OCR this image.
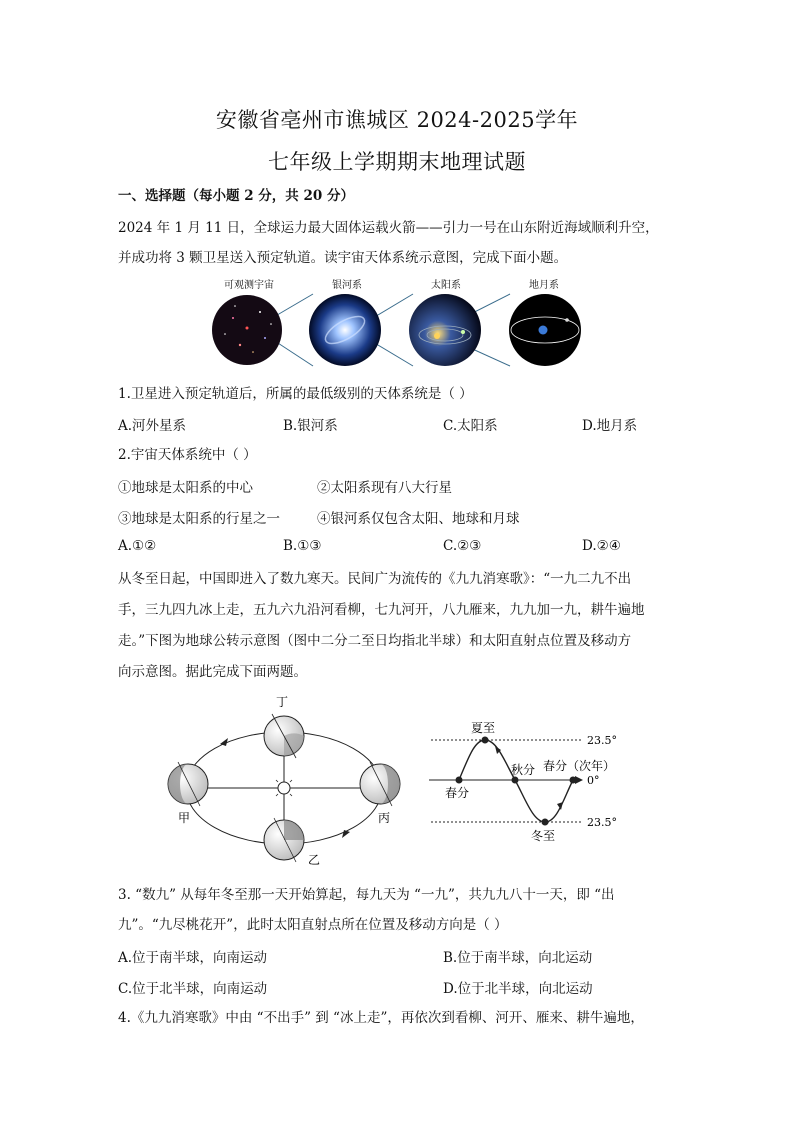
安徽省亳州市谯城区 2024-2025学年
七年级上学期期末地理试题
一、选择题（每小题 2 分，共 20 分）
2024 年 1 月 11 日，全球运力最大固体运载火箭——引力一号在山东附近海域顺利升空，
并成功将 3 颗卫星送入预定轨道。读宇宙天体系统示意图，完成下面小题。
可观测宇宙	银河系	太阳系	地月系
1.卫星进入预定轨道后，所属的最低级别的天体系统是（ ）
A.河外星系	B.银河系	C.太阳系	D.地月系
2.宇宙天体系统中（ ）
①地球是太阳系的中心	②太阳系现有八大行星
③地球是太阳系的行星之一	④银河系仅包含太阳、地球和月球
A.①②	B.①③	C.②③	D.②④
从冬至日起，中国即进入了数九寒天。民间广为流传的《九九消寒歌》：“一九二九不出
手，三九四九冰上走，五九六九沿河看柳，七九河开，八九雁来，九九加一九，耕牛遍地
走。”下图为地球公转示意图（图中二分二至日均指北半球）和太阳直射点位置及移动方
向示意图。据此完成下面两题。
丁
甲	丙
乙
夏至
秋分 春分（次年）
春分
冬至
23.5°
0°
23.5°
3. “数九” 从每年冬至那一天开始算起，每九天为 “一九”，共九九八十一天，即 “出
九”。“九尽桃花开”，此时太阳直射点所在位置及移动方向是（ ）
A.位于南半球，向南运动	B.位于南半球，向北运动
C.位于北半球，向南运动	D.位于北半球，向北运动
4.《九九消寒歌》中由 “不出手” 到 “冰上走”，再依次到看柳、河开、雁来、耕牛遍地，
